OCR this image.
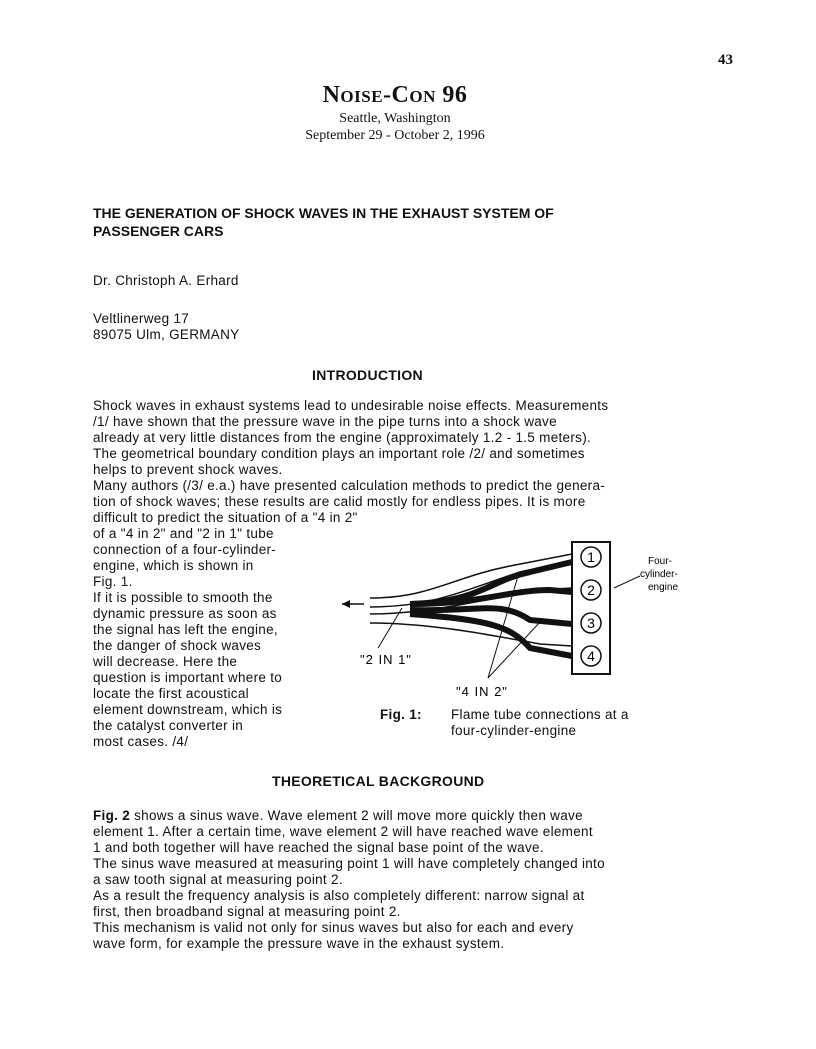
43
Noise-Con 96
Seattle, Washington
September 29 - October 2, 1996
THE GENERATION OF SHOCK WAVES IN THE EXHAUST SYSTEM OF
PASSENGER CARS
Dr. Christoph A. Erhard
Veltlinerweg 17
89075 Ulm, GERMANY
INTRODUCTION

Shock waves in exhaust systems lead to undesirable noise effects. Measurements

/1/ have shown that the pressure wave in the pipe turns into a shock wave

already at very little distances from the engine (approximately 1.2 - 1.5 meters).

The geometrical boundary condition plays an important role /2/ and sometimes

helps to prevent shock waves.

Many authors (/3/ e.a.) have presented calculation methods to predict the genera-

tion of shock waves; these results are calid mostly for endless pipes. It is more

difficult to predict the situation of a "4 in 2"

of a "4 in 2" and "2 in 1" tube

connection of a four-cylinder-

engine, which is shown in

Fig. 1.

If it is possible to smooth the

dynamic pressure as soon as

the signal has left the engine,

the danger of shock waves

will decrease. Here the

question is important where to

locate the first acoustical

element downstream, which is

the catalyst converter in

most cases. /4/

1
2
3
4
Four-
cylinder-
engine
"2 IN 1"
"4 IN 2"
Fig. 1: Flame tube connections at a
four-cylinder-engine
THEORETICAL BACKGROUND

Fig. 2 shows a sinus wave. Wave element 2 will move more quickly then wave

element 1. After a certain time, wave element 2 will have reached wave element

1 and both together will have reached the signal base point of the wave.

The sinus wave measured at measuring point 1 will have completely changed into

a saw tooth signal at measuring point 2.

As a result the frequency analysis is also completely different: narrow signal at

first, then broadband signal at measuring point 2.

This mechanism is valid not only for sinus waves but also for each and every

wave form, for example the pressure wave in the exhaust system.
